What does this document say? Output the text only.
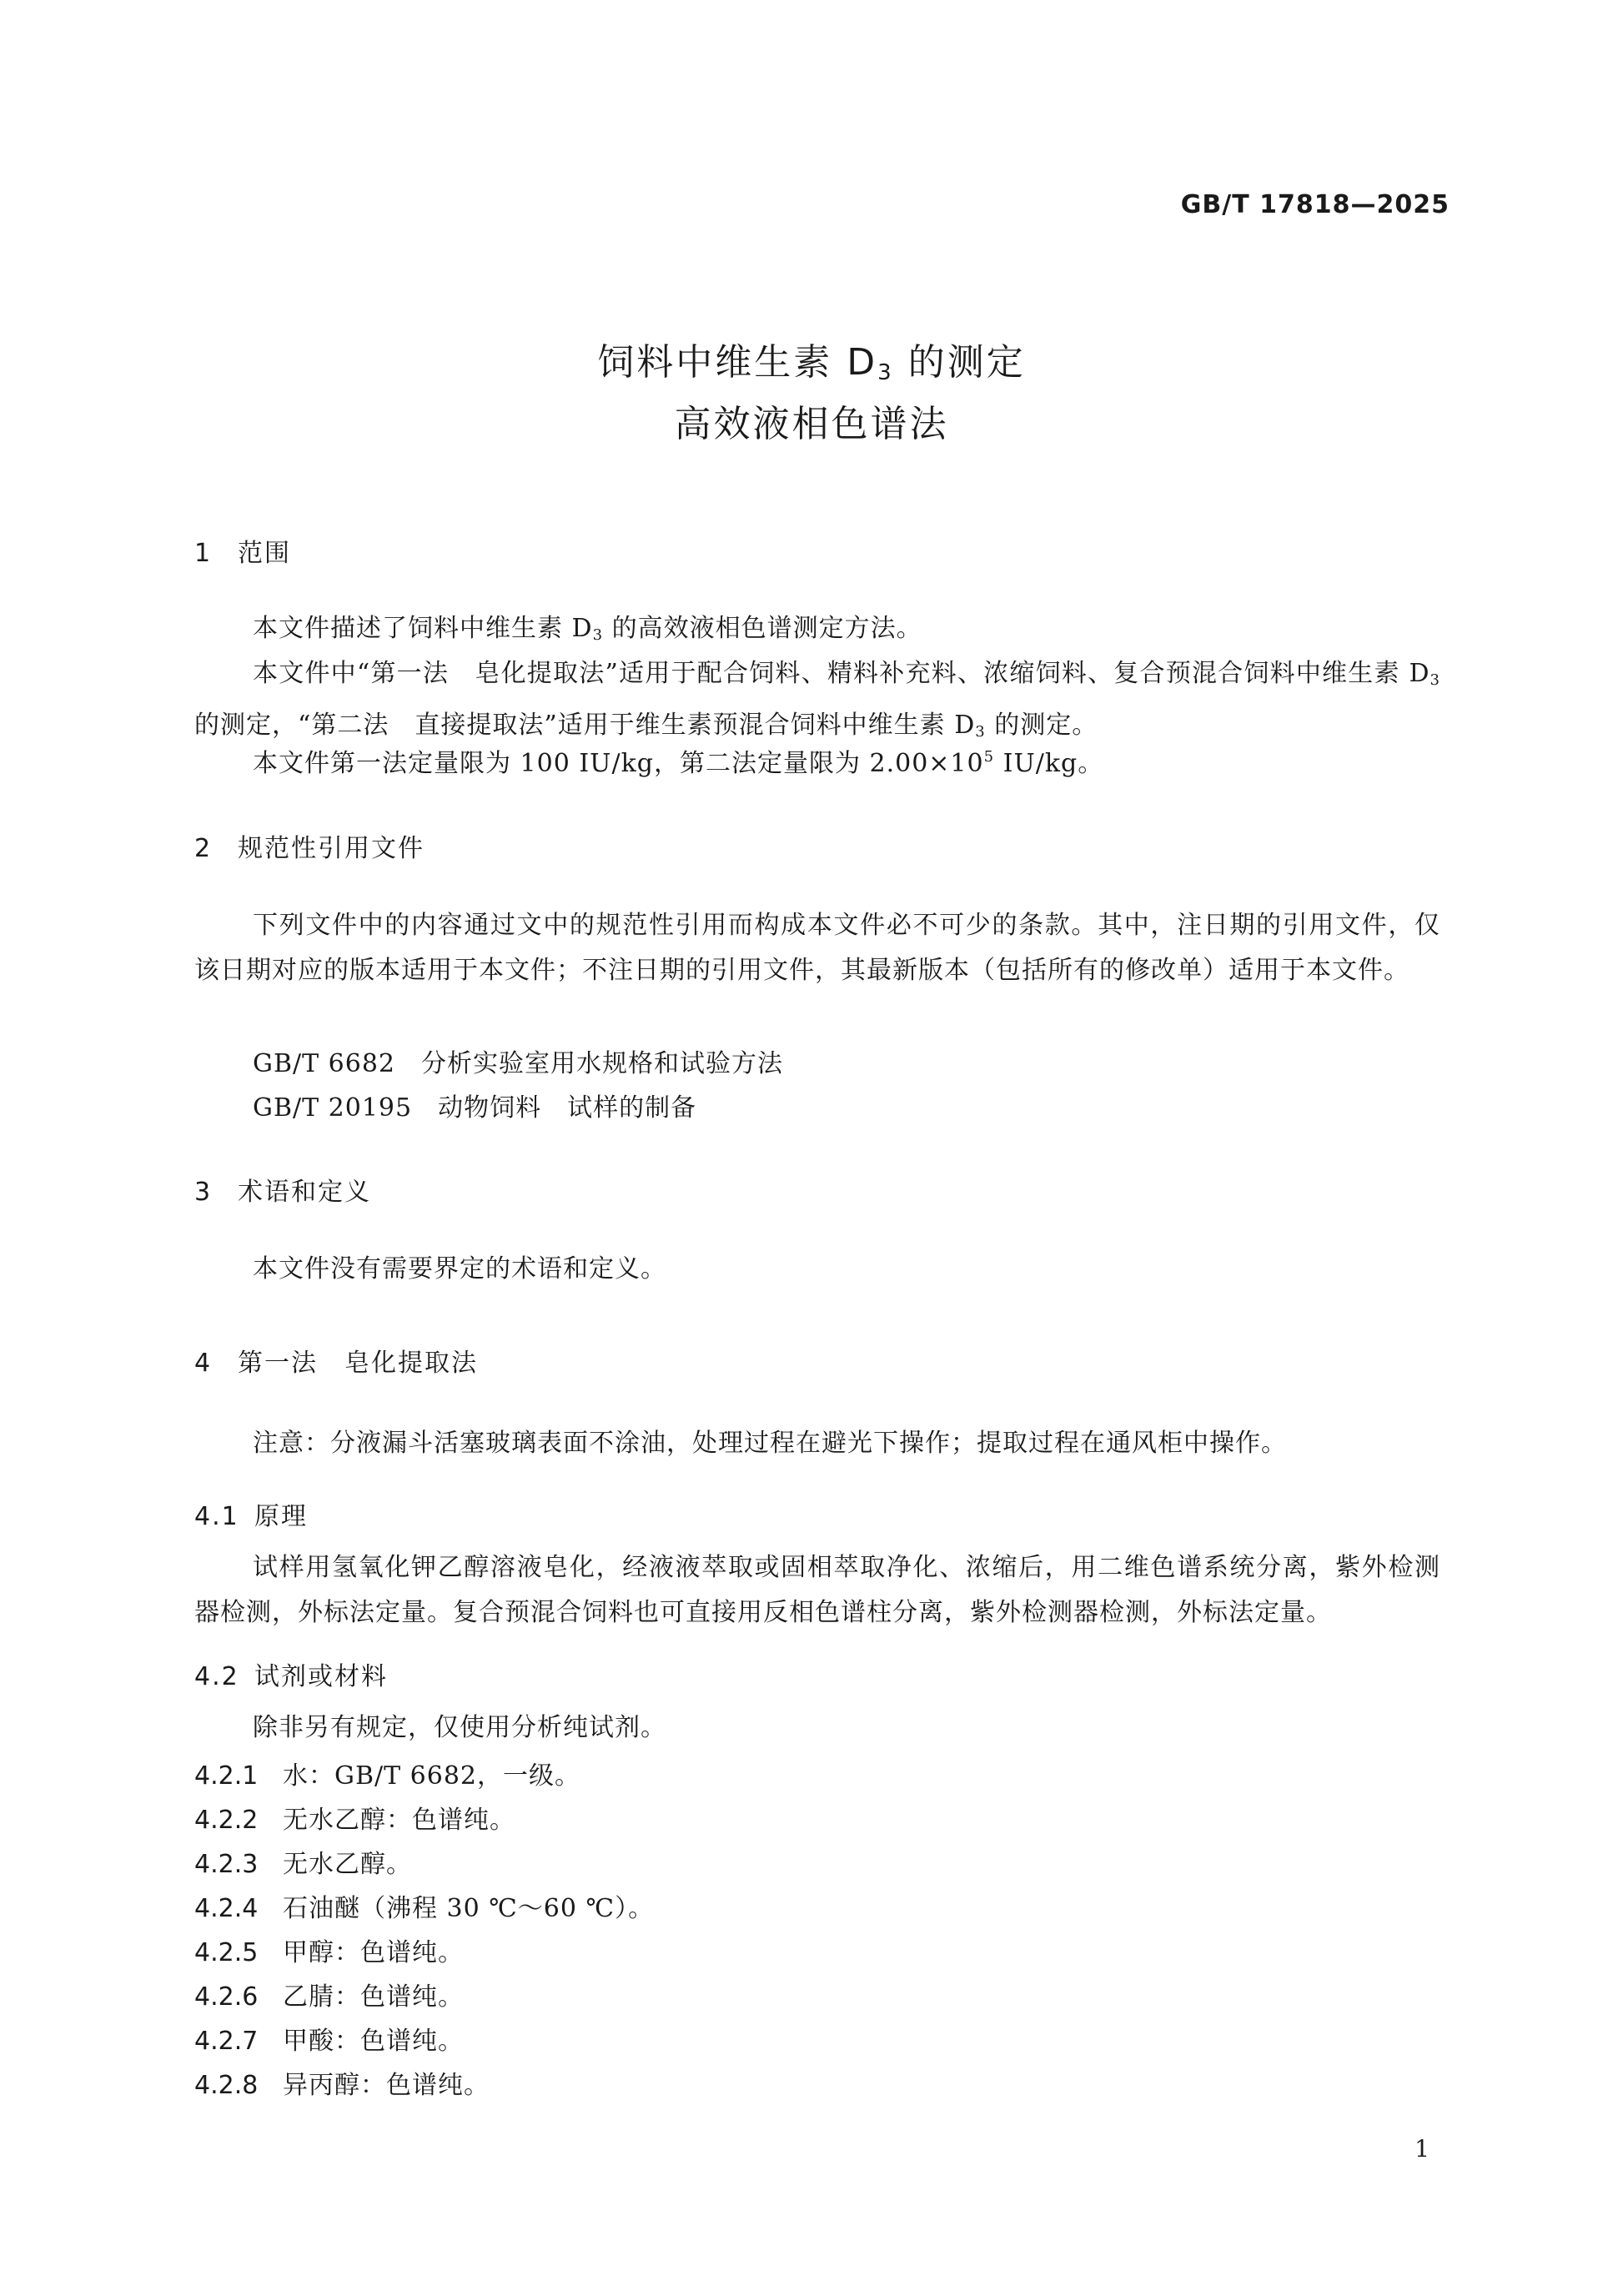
GB/T 17818—2025
饲料中维生素 $D_3$ 的测定
高效液相色谱法
1 范围
本文件描述了饲料中维生素 $D_3$ 的高效液相色谱测定方法。
本文件中“第一法　皂化提取法”适用于配合饲料、精料补充料、浓缩饲料、复合预混合饲料中维生素 $D_3$ 的测定，“第二法　直接提取法”适用于维生素预混合饲料中维生素 $D_3$ 的测定。
本文件第一法定量限为 100 IU/kg，第二法定量限为 $2.00\times 10^5$ IU/kg。
2 规范性引用文件
下列文件中的内容通过文中的规范性引用而构成本文件必不可少的条款。其中，注日期的引用文件，仅该日期对应的版本适用于本文件；不注日期的引用文件，其最新版本（包括所有的修改单）适用于本文件。
GB/T 6682　分析实验室用水规格和试验方法
GB/T 20195　动物饲料　试样的制备
3 术语和定义
本文件没有需要界定的术语和定义。
4 第一法　皂化提取法
注意：分液漏斗活塞玻璃表面不涂油，处理过程在避光下操作；提取过程在通风柜中操作。
4.1 原理
试样用氢氧化钾乙醇溶液皂化，经液液萃取或固相萃取净化、浓缩后，用二维色谱系统分离，紫外检测器检测，外标法定量。复合预混合饲料也可直接用反相色谱柱分离，紫外检测器检测，外标法定量。
4.2 试剂或材料
除非另有规定，仅使用分析纯试剂。
4.2.1 水：GB/T 6682，一级。
4.2.2 无水乙醇：色谱纯。
4.2.3 无水乙醇。
4.2.4 石油醚（沸程 30 ℃～60 ℃）。
4.2.5 甲醇：色谱纯。
4.2.6 乙腈：色谱纯。
4.2.7 甲酸：色谱纯。
4.2.8 异丙醇：色谱纯。
1
